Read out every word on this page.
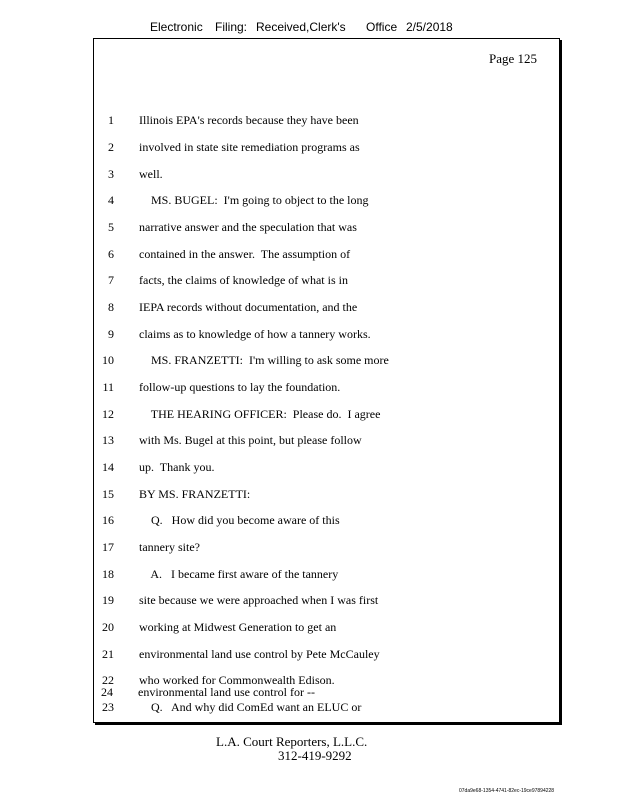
Electronic Filing: Received,Clerk's Office 2/5/2018
Page 125
1 Illinois EPA's records because they have been
2 involved in state site remediation programs as
3 well.
4 MS. BUGEL:  I'm going to object to the long
5 narrative answer and the speculation that was
6 contained in the answer.  The assumption of
7 facts, the claims of knowledge of what is in
8 IEPA records without documentation, and the
9 claims as to knowledge of how a tannery works.
10 MS. FRANZETTI:  I'm willing to ask some more
11 follow-up questions to lay the foundation.
12 THE HEARING OFFICER:  Please do.  I agree
13 with Ms. Bugel at this point, but please follow
14 up.  Thank you.
15 BY MS. FRANZETTI:
16 Q.   How did you become aware of this
17 tannery site?
18 A.   I became first aware of the tannery
19 site because we were approached when I was first
20 working at Midwest Generation to get an
21 environmental land use control by Pete McCauley
22 who worked for Commonwealth Edison.
23 Q.   And why did ComEd want an ELUC or
24 environmental land use control for --
L.A. Court Reporters, L.L.C.
312-419-9292
07da9e68-1354-4741-82ec-19ce97894228
